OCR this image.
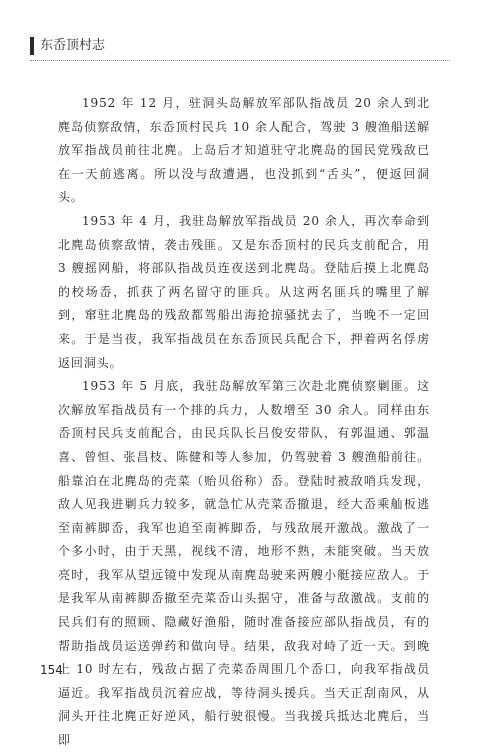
东岙顶村志

1952 年 12 月，驻洞头岛解放军部队指战员 20 余人到北麂岛侦察敌情，东岙顶村民兵 10 余人配合，驾驶 3 艘渔船送解放军指战员前往北麂。上岛后才知道驻守北麂岛的国民党残敌已在一天前逃离。所以没与敌遭遇，也没抓到“舌头”，便返回洞头。

1953 年 4 月，我驻岛解放军指战员 20 余人，再次奉命到北麂岛侦察敌情，袭击残匪。又是东岙顶村的民兵支前配合，用 3 艘摇网船，将部队指战员连夜送到北麂岛。登陆后摸上北麂岛的校场岙，抓获了两名留守的匪兵。从这两名匪兵的嘴里了解到，窜驻北麂岛的残敌都驾船出海抢掠骚扰去了，当晚不一定回来。于是当夜，我军指战员在东岙顶民兵配合下，押着两名俘虏返回洞头。

1953 年 5 月底，我驻岛解放军第三次赴北麂侦察剿匪。这次解放军指战员有一个排的兵力，人数增至 30 余人。同样由东岙顶村民兵支前配合，由民兵队长吕俊安带队，有郭温通、郭温喜、曾恒、张昌枝、陈健和等人参加，仍驾驶着 3 艘渔船前往。船靠泊在北麂岛的壳菜（贻贝俗称）岙。登陆时被敌哨兵发现，敌人见我进剿兵力较多，就急忙从壳菜岙撤退，经大岙乘舢板逃至南裤脚岙，我军也追至南裤脚岙，与残敌展开激战。激战了一个多小时，由于天黑，视线不清，地形不熟，未能突破。当天放亮时，我军从望远镜中发现从南麂岛驶来两艘小艇接应敌人。于是我军从南裤脚岙撤至壳菜岙山头据守，准备与敌激战。支前的民兵们有的照顾、隐藏好渔船，随时准备接应部队指战员，有的帮助指战员运送弹药和做向导。结果，敌我对峙了近一天。到晚上 10 时左右，残敌占据了壳菜岙周围几个岙口，向我军指战员逼近。我军指战员沉着应战，等待洞头援兵。当天正刮南风，从洞头开往北麂正好逆风，船行驶很慢。当我援兵抵达北麂后，当即

154
